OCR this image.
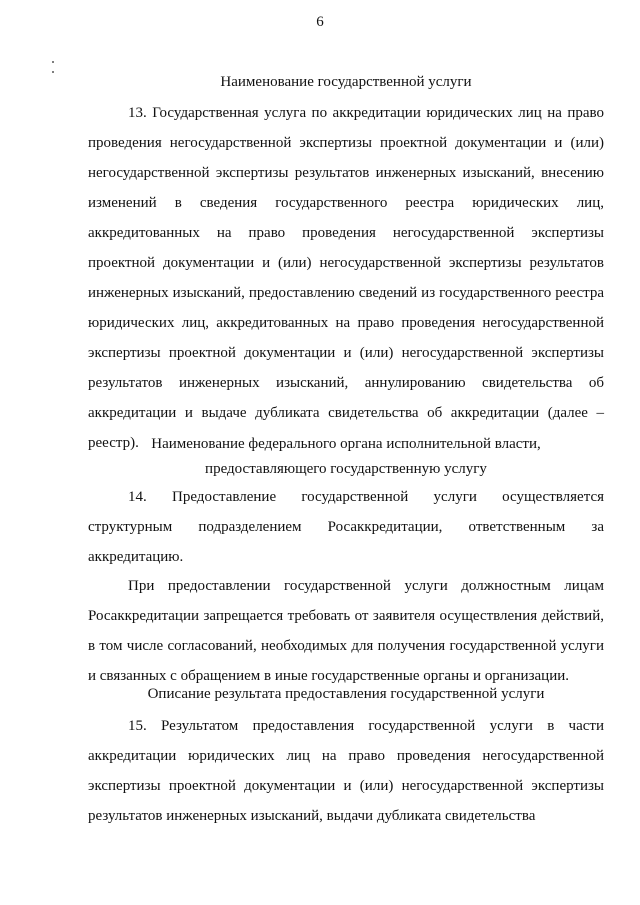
6
Наименование государственной услуги

13. Государственная услуга по аккредитации юридических лиц на право проведения негосударственной экспертизы проектной документации и (или) негосударственной экспертизы результатов инженерных изысканий, внесению изменений в сведения государственного реестра юридических лиц, аккредитованных на право проведения негосударственной экспертизы проектной документации и (или) негосударственной экспертизы результатов инженерных изысканий, предоставлению сведений из государственного реестра юридических лиц, аккредитованных на право проведения негосударственной экспертизы проектной документации и (или) негосударственной экспертизы результатов инженерных изысканий, аннулированию свидетельства об аккредитации и выдаче дубликата свидетельства об аккредитации (далее – реестр). Наименование федерального органа исполнительной власти,
предоставляющего государственную услугу

14. Предоставление государственной услуги осуществляется структурным подразделением Росаккредитации, ответственным за аккредитацию.

При предоставлении государственной услуги должностным лицам Росаккредитации запрещается требовать от заявителя осуществления действий, в том числе согласований, необходимых для получения государственной услуги и связанных с обращением в иные государственные органы и организации.

Описание результата предоставления государственной услуги

15. Результатом предоставления государственной услуги в части аккредитации юридических лиц на право проведения негосударственной экспертизы проектной документации и (или) негосударственной экспертизы результатов инженерных изысканий, выдачи дубликата свидетельства
